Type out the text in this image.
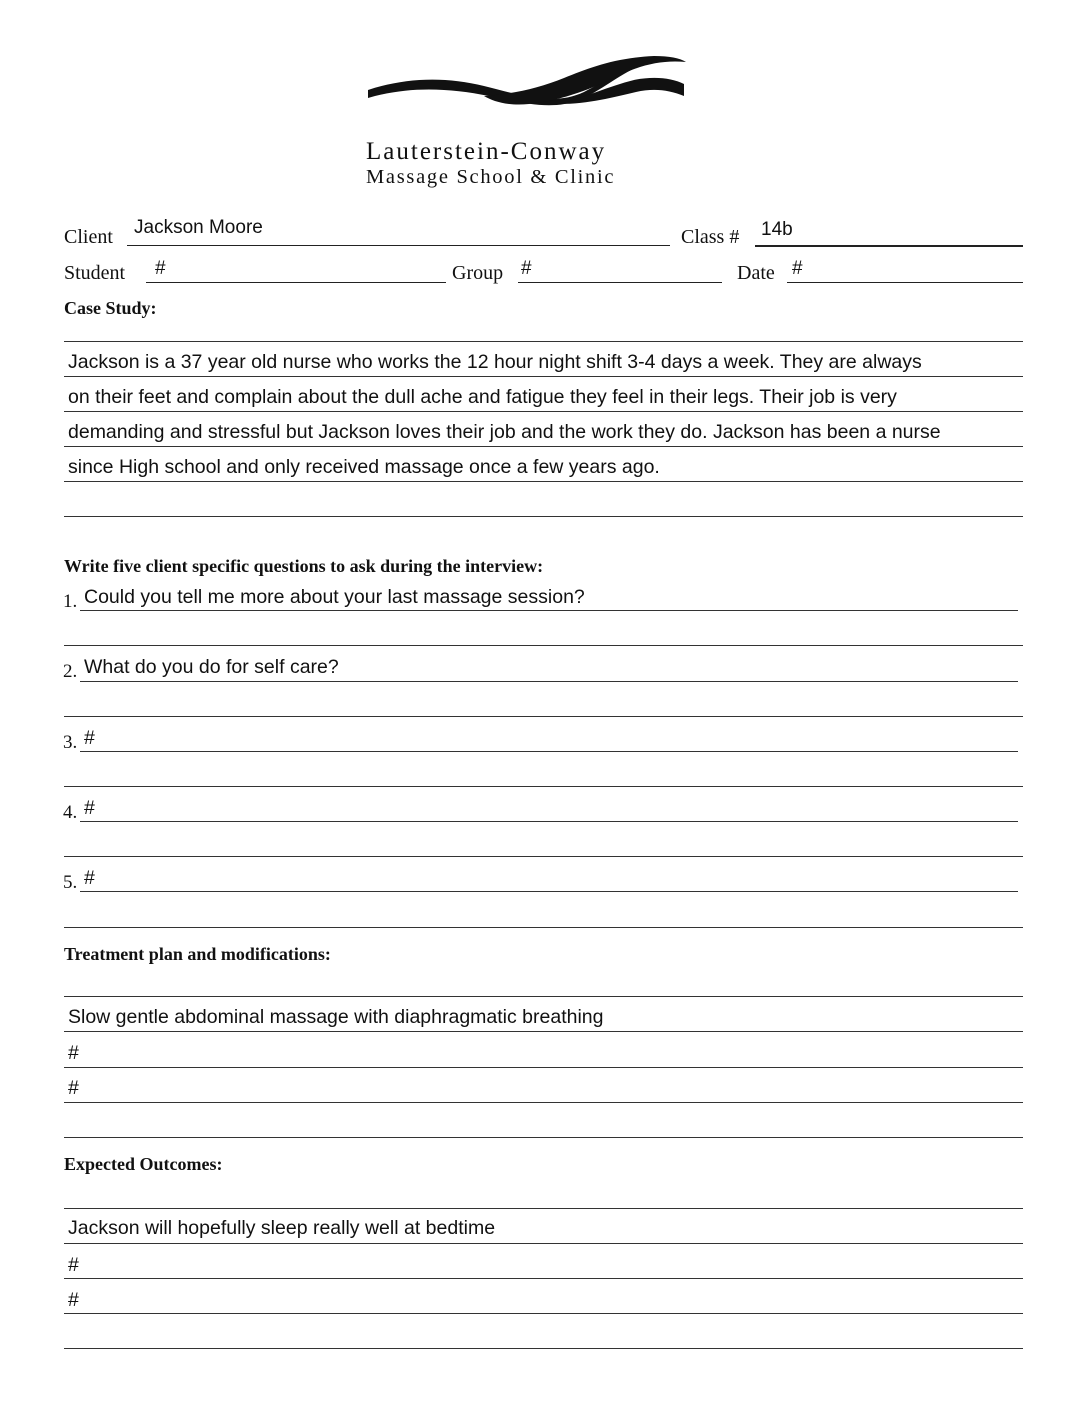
Lauterstein-Conway
Massage School & Clinic
Client Jackson Moore	Class # 14b
Student #	Group #	Date #
Case Study:
Jackson is a 37 year old nurse who works the 12 hour night shift 3-4 days a week. They are always
on their feet and complain about the dull ache and fatigue they feel in their legs. Their job is very
demanding and stressful but Jackson loves their job and the work they do. Jackson has been a nurse
since High school and only received massage once a few years ago.
Write five client specific questions to ask during the interview:
1. Could you tell me more about your last massage session?
2. What do you do for self care?
3. #
4. #
5. #
Treatment plan and modifications:
Slow gentle abdominal massage with diaphragmatic breathing
#
#
Expected Outcomes:
Jackson will hopefully sleep really well at bedtime
#
#
